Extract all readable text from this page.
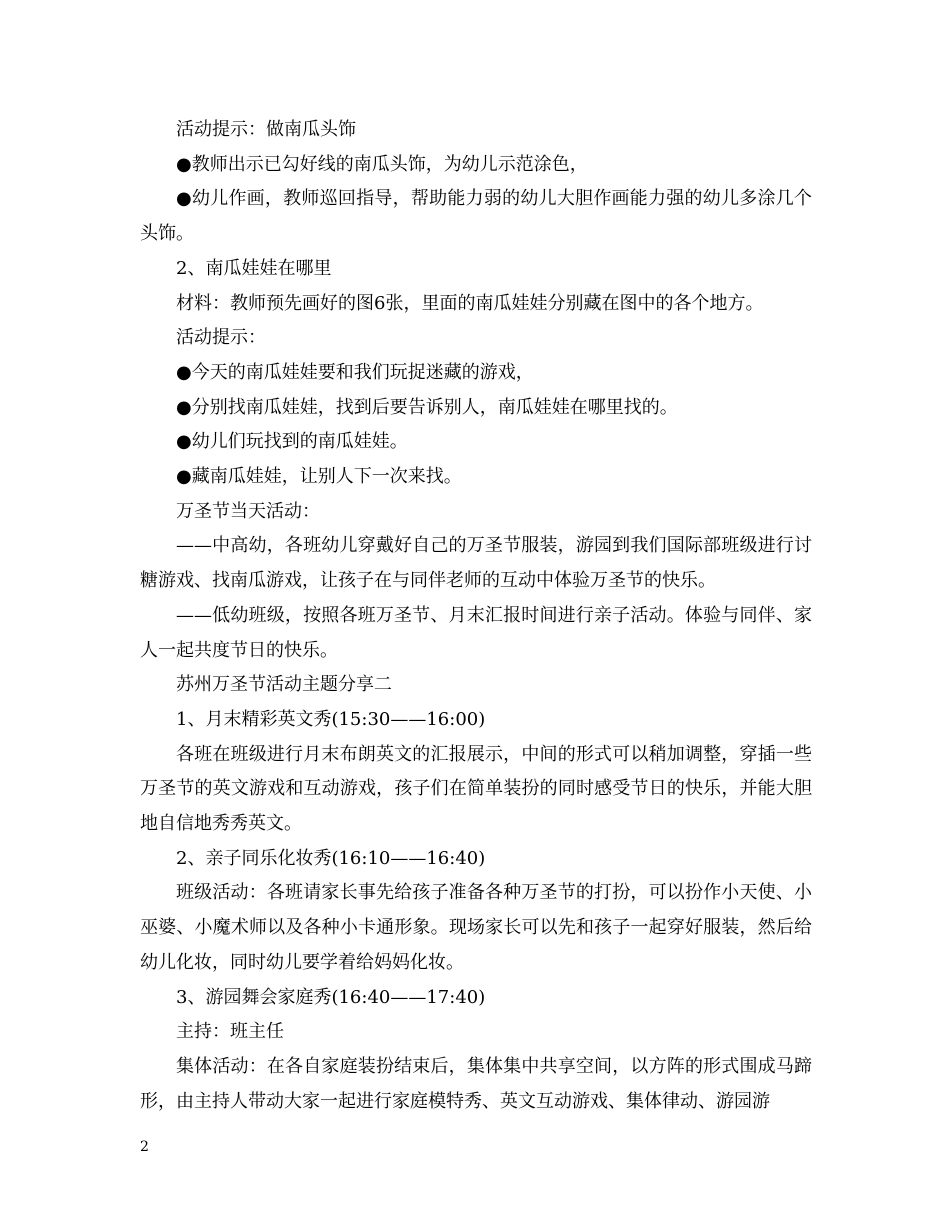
活动提示：做南瓜头饰

●教师出示已勾好线的南瓜头饰，为幼儿示范涂色，

●幼儿作画，教师巡回指导，帮助能力弱的幼儿大胆作画能力强的幼儿多涂几个头饰。

2、南瓜娃娃在哪里

材料：教师预先画好的图6张，里面的南瓜娃娃分别藏在图中的各个地方。

活动提示：

●今天的南瓜娃娃要和我们玩捉迷藏的游戏，

●分别找南瓜娃娃，找到后要告诉别人，南瓜娃娃在哪里找的。

●幼儿们玩找到的南瓜娃娃。

●藏南瓜娃娃，让别人下一次来找。

万圣节当天活动：

——中高幼，各班幼儿穿戴好自己的万圣节服装，游园到我们国际部班级进行讨糖游戏、找南瓜游戏，让孩子在与同伴老师的互动中体验万圣节的快乐。

——低幼班级，按照各班万圣节、月末汇报时间进行亲子活动。体验与同伴、家人一起共度节日的快乐。

苏州万圣节活动主题分享二

1、月末精彩英文秀(15:30——16:00)

各班在班级进行月末布朗英文的汇报展示，中间的形式可以稍加调整，穿插一些万圣节的英文游戏和互动游戏，孩子们在简单装扮的同时感受节日的快乐，并能大胆地自信地秀秀英文。

2、亲子同乐化妆秀(16:10——16:40)

班级活动：各班请家长事先给孩子准备各种万圣节的打扮，可以扮作小天使、小巫婆、小魔术师以及各种小卡通形象。现场家长可以先和孩子一起穿好服装，然后给幼儿化妆，同时幼儿要学着给妈妈化妆。

3、游园舞会家庭秀(16:40——17:40)

主持：班主任

集体活动：在各自家庭装扮结束后，集体集中共享空间，以方阵的形式围成马蹄形，由主持人带动大家一起进行家庭模特秀、英文互动游戏、集体律动、游园游

2
